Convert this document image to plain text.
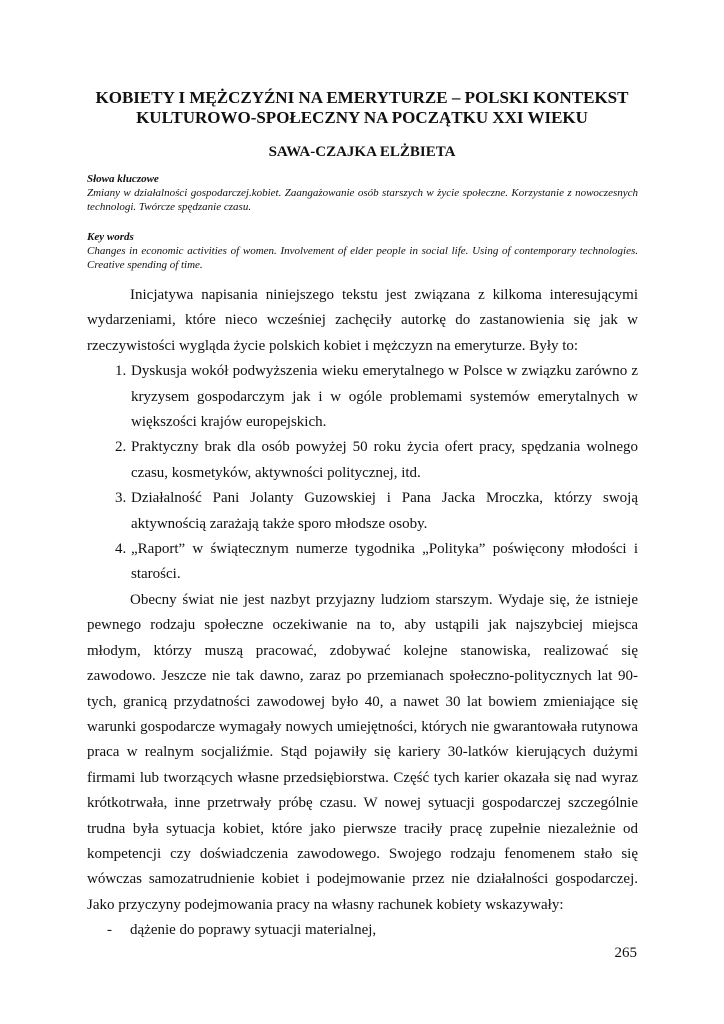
KOBIETY I MĘŻCZYŹNI NA EMERYTURZE – POLSKI KONTEKST
KULTUROWO-SPOŁECZNY NA POCZĄTKU XXI WIEKU
SAWA-CZAJKA ELŻBIETA
Słowa kluczowe
Zmiany w działalności gospodarczej.kobiet. Zaangażowanie osób starszych w życie społeczne. Korzystanie z nowoczesnych technologi. Twórcze spędzanie czasu.
Key words
Changes in economic activities of women. Involvement of elder people in social life. Using of contemporary technologies. Creative spending of time.

Inicjatywa napisania niniejszego tekstu jest związana z kilkoma interesującymi wydarzeniami, które nieco wcześniej zachęciły autorkę do zastanowienia się jak w rzeczywistości wygląda życie polskich kobiet i mężczyzn na emeryturze. Były to:

1. Dyskusja wokół podwyższenia wieku emerytalnego w Polsce w związku zarówno z kryzysem gospodarczym jak i w ogóle problemami systemów emerytalnych w większości krajów europejskich.
2. Praktyczny brak dla osób powyżej 50 roku życia ofert pracy, spędzania wolnego czasu, kosmetyków, aktywności politycznej, itd.
3. Działalność Pani Jolanty Guzowskiej i Pana Jacka Mroczka, którzy swoją aktywnością zarażają także sporo młodsze osoby.
4. „Raport” w świątecznym numerze tygodnika „Polityka” poświęcony młodości i starości.

Obecny świat nie jest nazbyt przyjazny ludziom starszym. Wydaje się, że istnieje pewnego rodzaju społeczne oczekiwanie na to, aby ustąpili jak najszybciej miejsca młodym, którzy muszą pracować, zdobywać kolejne stanowiska, realizować się zawodowo. Jeszcze nie tak dawno, zaraz po przemianach społeczno-politycznych lat 90-tych, granicą przydatności zawodowej było 40, a nawet 30 lat bowiem zmieniające się warunki gospodarcze wymagały nowych umiejętności, których nie gwarantowała rutynowa praca w realnym socjaliźmie. Stąd pojawiły się kariery 30-latków kierujących dużymi firmami lub tworzących własne przedsiębiorstwa. Część tych karier okazała się nad wyraz krótkotrwała, inne przetrwały próbę czasu. W nowej sytuacji gospodarczej szczególnie trudna była sytuacja kobiet, które jako pierwsze traciły pracę zupełnie niezależnie od kompetencji czy doświadczenia zawodowego. Swojego rodzaju fenomenem stało się wówczas samozatrudnienie kobiet i podejmowanie przez nie działalności gospodarczej. Jako przyczyny podejmowania pracy na własny rachunek kobiety wskazywały:

- dążenie do poprawy sytuacji materialnej,

265
